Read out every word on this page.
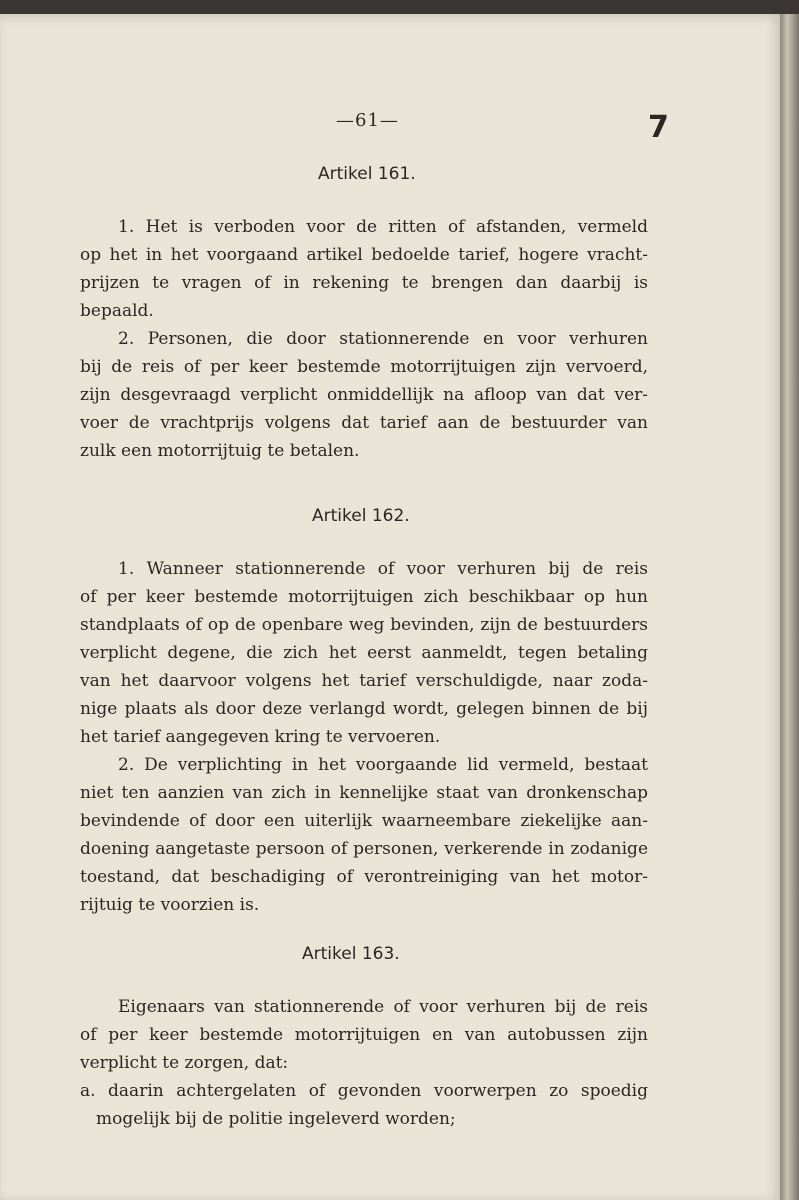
—61—	7
Artikel 161.
1. Het is verboden voor de ritten of afstanden, vermeld
op het in het voorgaand artikel bedoelde tarief, hogere vracht-
prijzen te vragen of in rekening te brengen dan daarbij is
bepaald.
2. Personen, die door stationnerende en voor verhuren
bij de reis of per keer bestemde motorrijtuigen zijn vervoerd,
zijn desgevraagd verplicht onmiddellijk na afloop van dat ver-
voer de vrachtprijs volgens dat tarief aan de bestuurder van
zulk een motorrijtuig te betalen.
Artikel 162.
1. Wanneer stationnerende of voor verhuren bij de reis
of per keer bestemde motorrijtuigen zich beschikbaar op hun
standplaats of op de openbare weg bevinden, zijn de bestuurders
verplicht degene, die zich het eerst aanmeldt, tegen betaling
van het daarvoor volgens het tarief verschuldigde, naar zoda-
nige plaats als door deze verlangd wordt, gelegen binnen de bij
het tarief aangegeven kring te vervoeren.
2. De verplichting in het voorgaande lid vermeld, bestaat
niet ten aanzien van zich in kennelijke staat van dronkenschap
bevindende of door een uiterlijk waarneembare ziekelijke aan-
doening aangetaste persoon of personen, verkerende in zodanige
toestand, dat beschadiging of verontreiniging van het motor-
rijtuig te voorzien is.
Artikel 163.
Eigenaars van stationnerende of voor verhuren bij de reis
of per keer bestemde motorrijtuigen en van autobussen zijn
verplicht te zorgen, dat:
a. daarin achtergelaten of gevonden voorwerpen zo spoedig
mogelijk bij de politie ingeleverd worden;
